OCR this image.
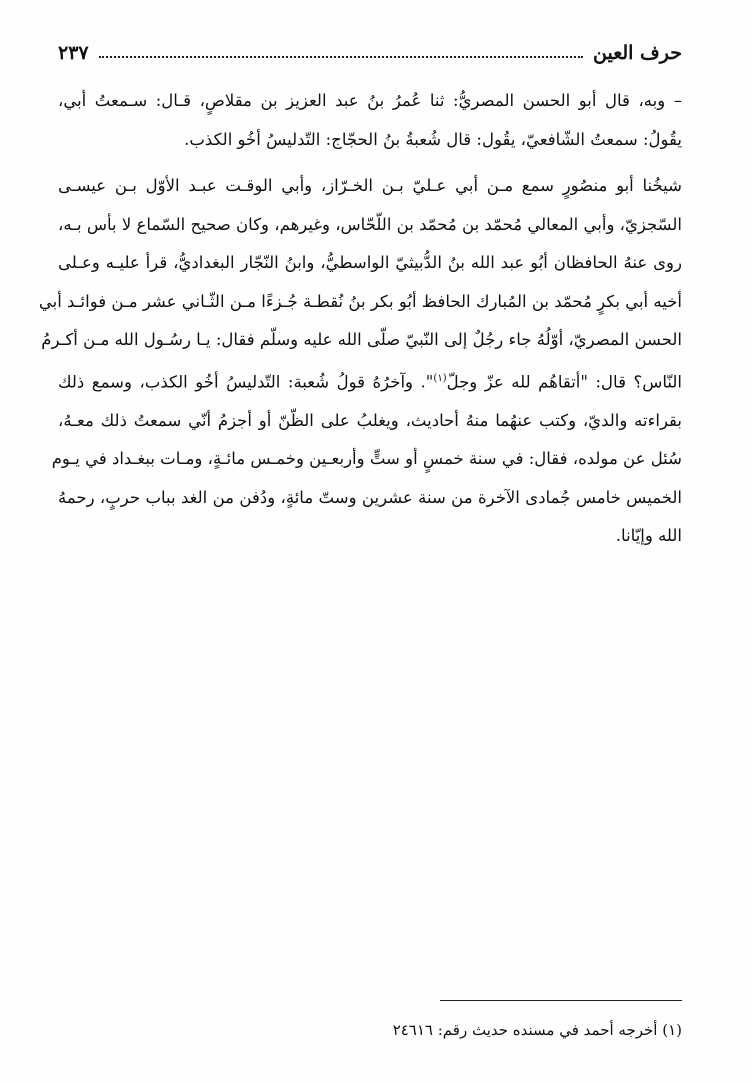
حرف العين
٢٣٧

– وبه، قال أبو الحسن المصريُّ: ثنا عُمرُ بنُ عبد العزيز بن مقلاصٍ، قـال: سـمعتُ أبي،
يقُولُ: سمعتُ الشّافعيّ، يقُول: قال شُعبةُ بنُ الحجّاج: التّدليسُ أخُو الكذب.

شيخُنا أبو منصُورٍ سمع مـن أبي عـليّ بـن الخـرّاز، وأبي الوقـت عبـد الأوّل بـن عيسـى
السّجزيّ، وأبي المعالي مُحمّد بن مُحمّد بن اللّحّاس، وغيرهم، وكان صحيح السّماع لا بأس بـه،
روى عنهُ الحافظان أبُو عبد الله بنُ الدُّبيثيّ الواسطيُّ، وابنُ النّجّار البغداديُّ، قرأ عليـه وعـلى
أخيه أبي بكرٍ مُحمّد بن المُبارك الحافظ أبُو بكر بنُ نُقطـة جُـزءًا مـن الثّـاني عشر مـن فوائـد أبي
الحسن المصريّ، أوّلُهُ جاء رجُلٌ إلى النّبيّ صلّى الله عليه وسلّم فقال: يـا رسُـول الله مـن أكـرمُ
النّاس؟ قال: "أتقاهُم لله عزّ وجلّ$^{(١)}$". وآخرُهُ قولُ شُعبة: التّدليسُ أخُو الكذب، وسمع ذلك
بقراءته والديّ، وكتب عنهُما منهُ أحاديث، ويغلبُ على الظّنّ أو أجزمُ أنّي سمعتُ ذلك معـهُ،
سُئل عن مولده، فقال: في سنة خمسٍ أو ستٍّ وأربعـين وخمـس مائـةٍ، ومـات ببغـداد في يـوم
الخميس خامس جُمادى الآخرة من سنة عشرين وستّ مائةٍ، ودُفن من الغد بباب حربٍ، رحمهُ
الله وإيّانا.

(١) أخرجه أحمد في مسنده حديث رقم: ٢٤٦١٦
